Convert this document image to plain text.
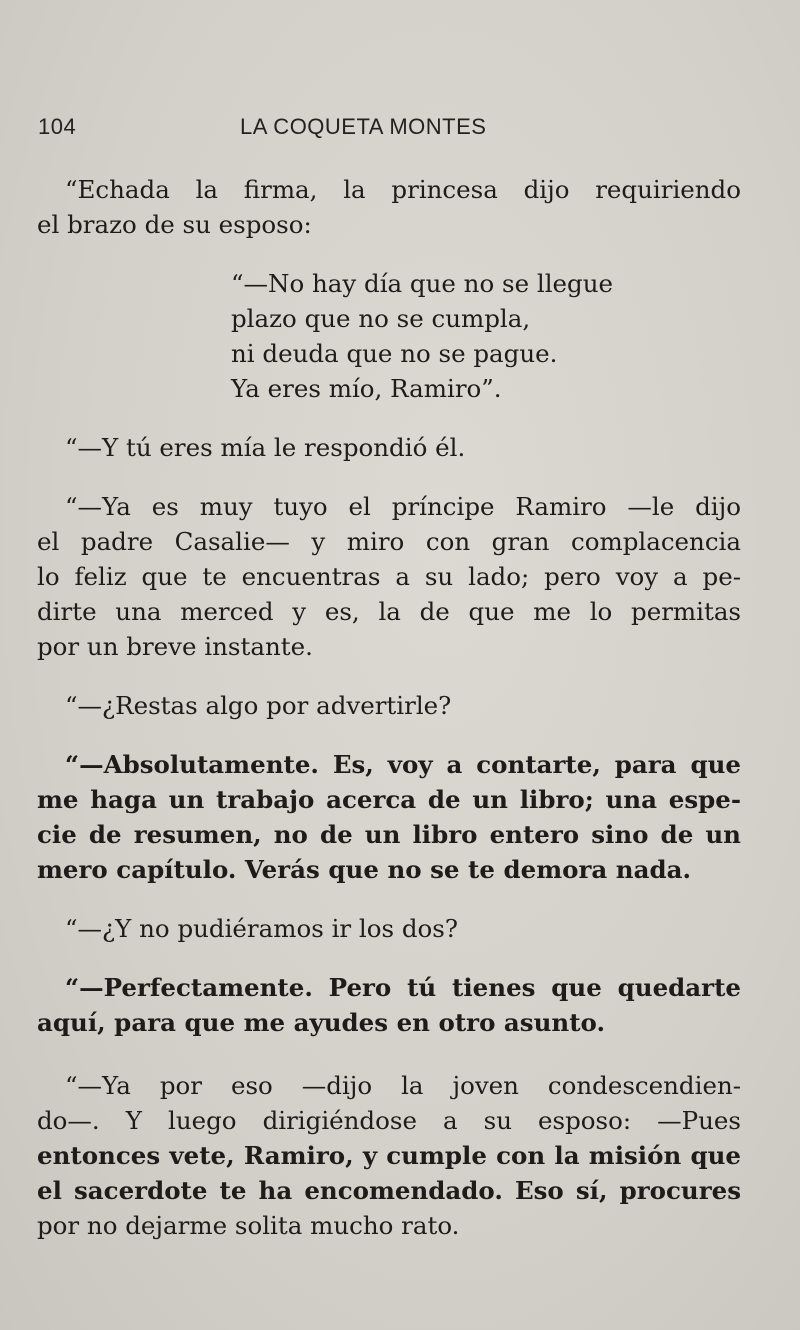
104	LA COQUETA MONTES
“Echada la firma, la princesa dijo requiriendo
el brazo de su esposo:
“—No hay día que no se llegue
plazo que no se cumpla,
ni deuda que no se pague.
Ya eres mío, Ramiro”.
“—Y tú eres mía le respondió él.
“—Ya es muy tuyo el príncipe Ramiro —le dijo
el padre Casalie— y miro con gran complacencia
lo feliz que te encuentras a su lado; pero voy a pe-
dirte una merced y es, la de que me lo permitas
por un breve instante.
“—¿Restas algo por advertirle?
“—Absolutamente. Es, voy a contarte, para que
me haga un trabajo acerca de un libro; una espe-
cie de resumen, no de un libro entero sino de un
mero capítulo. Verás que no se te demora nada.
“—¿Y no pudiéramos ir los dos?
“—Perfectamente. Pero tú tienes que quedarte
aquí, para que me ayudes en otro asunto.
“—Ya por eso —dijo la joven condescendien-
do—. Y luego dirigiéndose a su esposo: —Pues
entonces vete, Ramiro, y cumple con la misión que
el sacerdote te ha encomendado. Eso sí, procures
por no dejarme solita mucho rato.
